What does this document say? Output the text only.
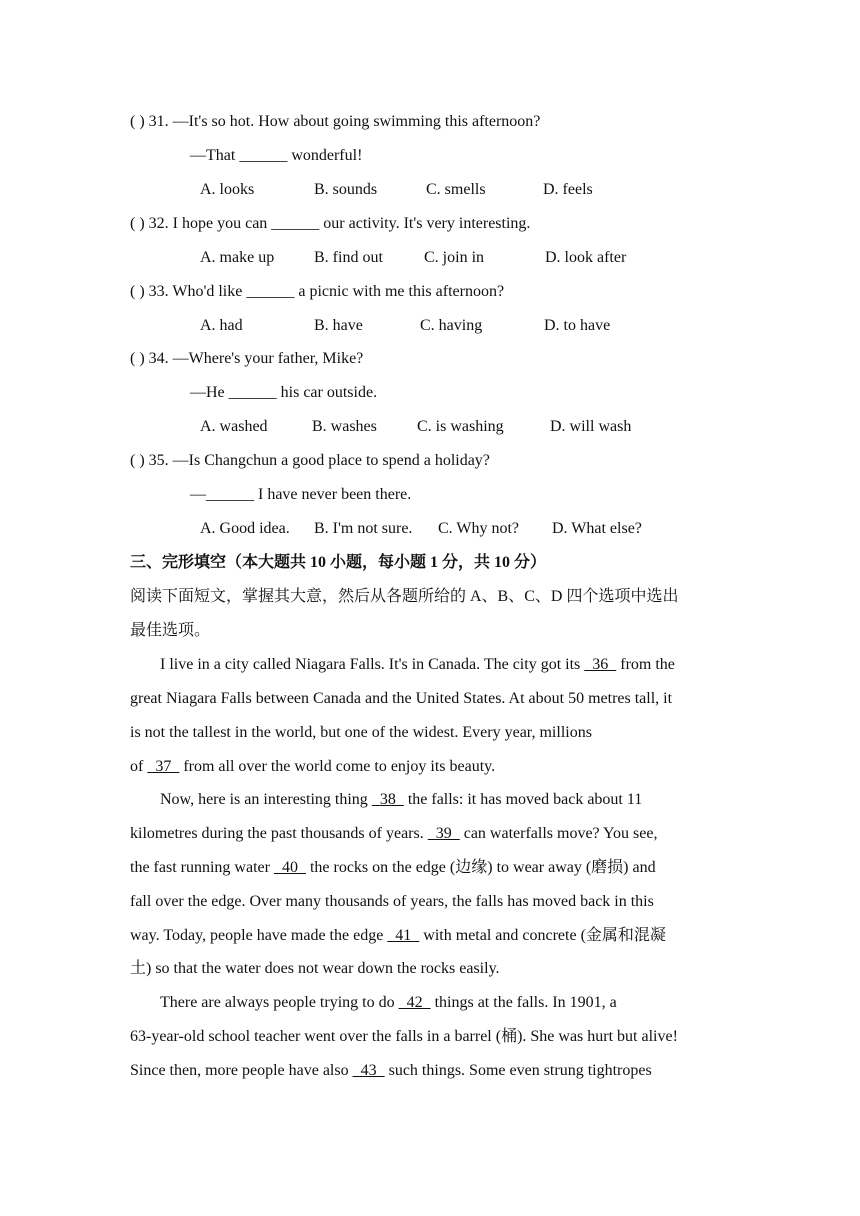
( ) 31. —It's so hot. How about going swimming this afternoon?
—That ______ wonderful!
A. looks	B. sounds	C. smells	D. feels
( ) 32. I hope you can ______ our activity. It's very interesting.
A. make up B. find out	C. join in	D. look after
( ) 33. Who'd like ______ a picnic with me this afternoon?
A. had	B. have	C. having	D. to have
( ) 34. —Where's your father, Mike?
—He ______ his car outside.
A. washed	B. washes	C. is washing	D. will wash
( ) 35. —Is Changchun a good place to spend a holiday?
—______ I have never been there.
A. Good idea. B. I'm not sure. C. Why not? D. What else?
三、完形填空（本大题共 10 小题，每小题 1 分，共 10 分）
阅读下面短文，掌握其大意，然后从各题所给的 A、B、C、D 四个选项中选出
最佳选项。
I live in a city called Niagara Falls. It's in Canada. The city got its   36   from the
great Niagara Falls between Canada and the United States. At about 50 metres tall, it
is not the tallest in the world, but one of the widest. Every year, millions
of   37   from all over the world come to enjoy its beauty.
Now, here is an interesting thing   38   the falls: it has moved back about 11
kilometres during the past thousands of years.   39   can waterfalls move? You see,
the fast running water   40   the rocks on the edge (边缘) to wear away (磨损) and
fall over the edge. Over many thousands of years, the falls has moved back in this
way. Today, people have made the edge   41   with metal and concrete (金属和混凝
土) so that the water does not wear down the rocks easily.
There are always people trying to do   42   things at the falls. In 1901, a
63-year-old school teacher went over the falls in a barrel (桶). She was hurt but alive!
Since then, more people have also   43   such things. Some even strung tightropes
